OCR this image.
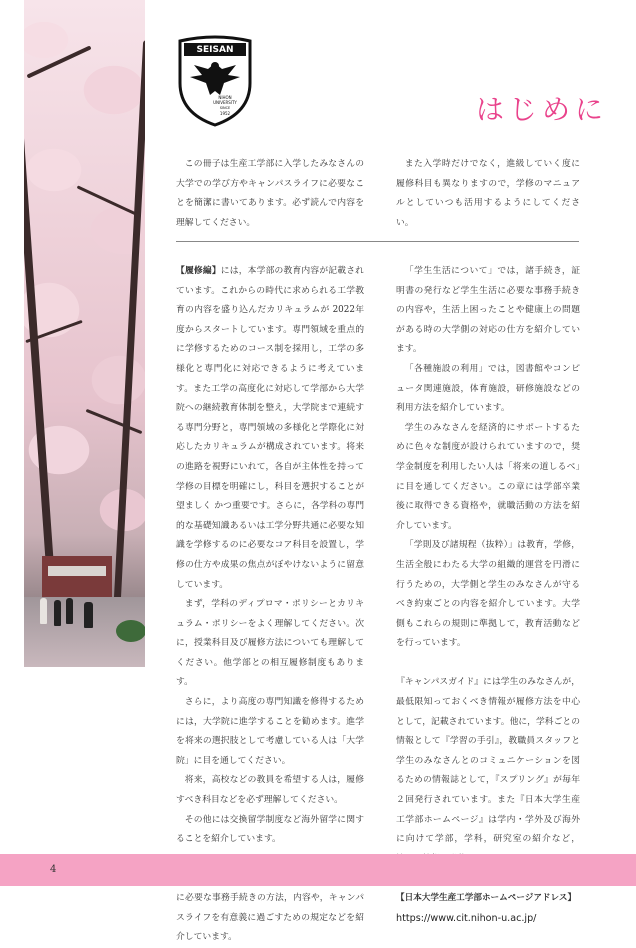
SEISAN
NIHON
UNIVERSITY
SINCE
1952	はじめに

この冊子は生産工学部に入学したみなさんの大学での学び方やキャンパスライフに必要なことを簡潔に書いてあります。必ず読んで内容を理解してください。

また入学時だけでなく，進級していく度に履修科目も異なりますので，学修のマニュアルとしていつも活用するようにしてください。

【履修編】には，本学部の教育内容が記載されています。これからの時代に求められる工学教育の内容を盛り込んだカリキュラムが 2022年度からスタートしています。専門領域を重点的に学修するためのコース制を採用し，工学の多様化と専門化に対応できるように考えています。また工学の高度化に対応して学部から大学院への継続教育体制を整え，大学院まで連続する専門分野と，専門領域の多様化と学際化に対応したカリキュラムが構成されています。将来の進路を視野にいれて，各自が主体性を持って学修の目標を明確にし，科目を選択することが望ましく かつ重要です。さらに，各学科の専門的な基礎知識あるいは工学分野共通に必要な知識を学修するのに必要なコア科目を設置し，学修の仕方や成果の焦点がぼやけないように留意しています。

まず，学科のディプロマ・ポリシーとカリキュラム・ポリシーをよく理解してください。次に，授業科目及び履修方法についても理解してください。他学部との相互履修制度もあります。

さらに，より高度の専門知識を修得するためには，大学院に進学することを勧めます。進学を将来の選択肢として考慮している人は「大学院」に目を通してください。

将来，高校などの教員を希望する人は，履修すべき科目などを必ず理解してください。

その他には交換留学制度など海外留学に関することを紹介しています。

に必要な事務手続きの方法，内容や，キャンパスライフを有意義に過ごすための規定などを紹介しています。

「学生生活について」では，諸手続き，証明書の発行など学生生活に必要な事務手続きの内容や，生活上困ったことや健康上の問題がある時の大学側の対応の仕方を紹介しています。

「各種施設の利用」では，図書館やコンピュータ関連施設，体育施設，研修施設などの利用方法を紹介しています。

学生のみなさんを経済的にサポートするために色々な制度が設けられていますので，奨学金制度を利用したい人は「将来の道しるべ」に目を通してください。この章には学部卒業後に取得できる資格や，就職活動の方法を紹介しています。

「学則及び諸規程（抜粋）」は教育，学修，生活全般にわたる大学の組織的運営を円滑に行うための，大学側と学生のみなさんが守るべき約束ごとの内容を紹介しています。大学側もこれらの規則に準拠して，教育活動などを行っています。

『キャンパスガイド』には学生のみなさんが，最低限知っておくべき情報が履修方法を中心として，記載されています。他に，学科ごとの情報として『学習の手引』，教職員スタッフと学生のみなさんとのコミュニケーションを図るための情報誌として，『スプリング』が毎年２回発行されています。また『日本大学生産工学部ホームページ』は学内・学外及び海外に向けて学部，学科，研究室の紹介など，

【日本大学生産工学部ホームページアドレス】

https://www.cit.nihon-u.ac.jp/

4
